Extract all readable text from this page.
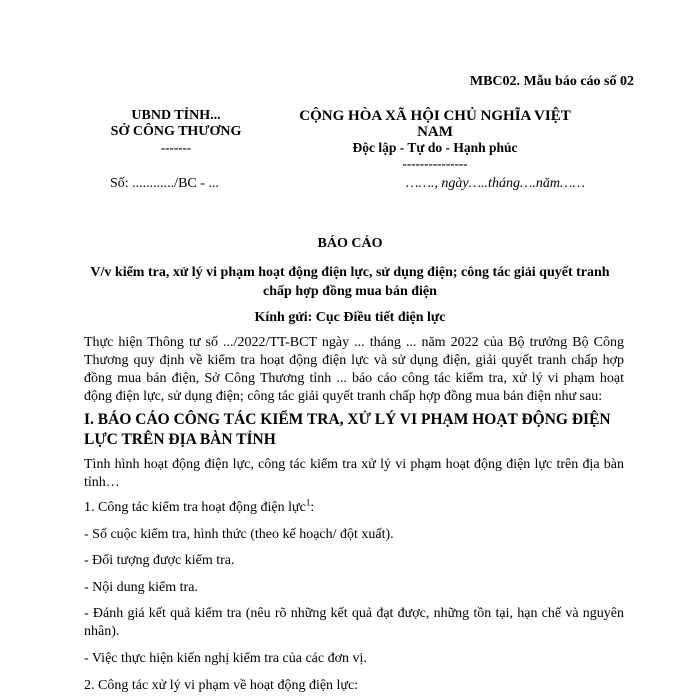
MBC02. Mẫu báo cáo số 02
UBND TỈNH...
SỞ CÔNG THƯƠNG
-------
CỘNG HÒA XÃ HỘI CHỦ NGHĨA VIỆT NAM
Độc lập - Tự do - Hạnh phúc
---------------
Số: ............/BC - ...	……., ngày…..tháng….năm……
BÁO CÁO
V/v kiểm tra, xử lý vi phạm hoạt động điện lực, sử dụng điện; công tác giải quyết tranh chấp hợp đồng mua bán điện
Kính gửi: Cục Điều tiết điện lực
Thực hiện Thông tư số .../2022/TT-BCT ngày ... tháng ... năm 2022 của Bộ trưởng Bộ Công Thương quy định về kiểm tra hoạt động điện lực và sử dụng điện, giải quyết tranh chấp hợp đồng mua bán điện, Sở Công Thương tỉnh ... báo cáo công tác kiểm tra, xử lý vi phạm hoạt động điện lực, sử dụng điện; công tác giải quyết tranh chấp hợp đồng mua bán điện như sau:
I. BÁO CÁO CÔNG TÁC KIỂM TRA, XỬ LÝ VI PHẠM HOẠT ĐỘNG ĐIỆN LỰC TRÊN ĐỊA BÀN TỈNH
Tình hình hoạt động điện lực, công tác kiểm tra xử lý vi phạm hoạt động điện lực trên địa bàn tỉnh…
1. Công tác kiểm tra hoạt động điện lực$^1$:
- Số cuộc kiểm tra, hình thức (theo kế hoạch/ đột xuất).
- Đối tượng được kiểm tra.
- Nội dung kiểm tra.
- Đánh giá kết quả kiểm tra (nêu rõ những kết quả đạt được, những tồn tại, hạn chế và nguyên nhân).
- Việc thực hiện kiến nghị kiểm tra của các đơn vị.
2. Công tác xử lý vi phạm về hoạt động điện lực:
